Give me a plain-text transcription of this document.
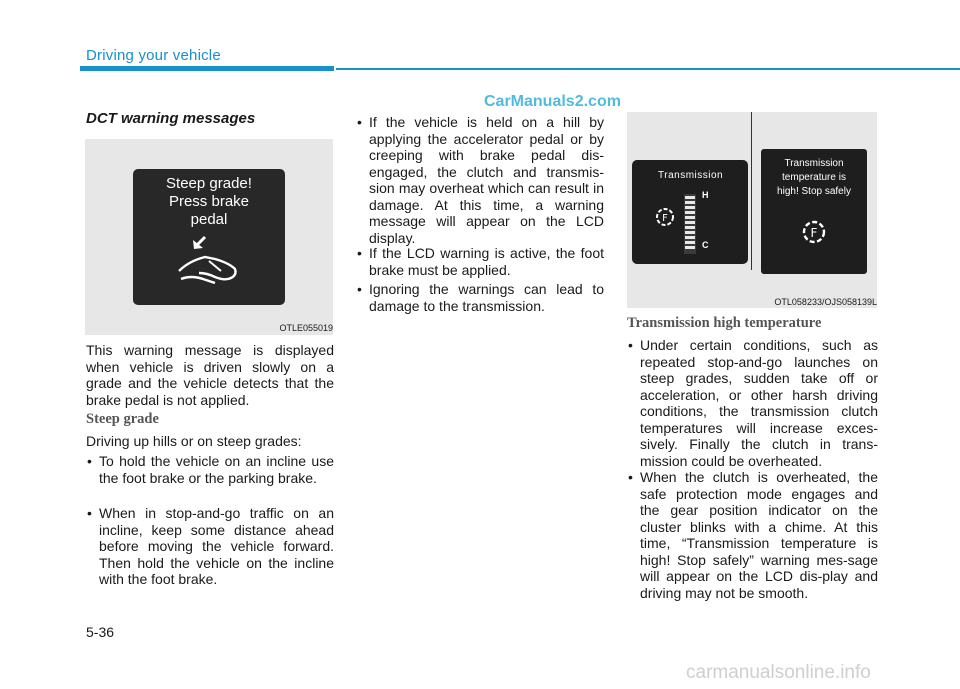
Driving your vehicle
CarManuals2.com
DCT warning messages
Steep grade!
Press brake
pedal
OTLE055019
This warning message is displayed when vehicle is driven slowly on a grade and the vehicle detects that the brake pedal is not applied.
Steep grade
Driving up hills or on steep grades:
• To hold the vehicle on an incline use the foot brake or the parking brake.
• When in stop-and-go traffic on an incline, keep some distance ahead before moving the vehicle forward. Then hold the vehicle on the incline with the foot brake.
• If the vehicle is held on a hill by applying the accelerator pedal or by creeping with brake pedal dis-engaged, the clutch and transmis-sion may overheat which can result in damage. At this time, a warning message will appear on the LCD display.
• If the LCD warning is active, the foot brake must be applied.
• Ignoring the warnings can lead to damage to the transmission.
Transmission
F
H
C
Transmission
temperature is
high! Stop safely
F
OTL058233/OJS058139L
Transmission high temperature
• Under certain conditions, such as repeated stop-and-go launches on steep grades, sudden take off or acceleration, or other harsh driving conditions, the transmission clutch temperatures will increase exces-sively. Finally the clutch in trans-mission could be overheated.
• When the clutch is overheated, the safe protection mode engages and the gear position indicator on the cluster blinks with a chime. At this time, “Transmission temperature is high! Stop safely” warning mes-sage will appear on the LCD dis-play and driving may not be smooth.
5-36
carmanualsonline.info
